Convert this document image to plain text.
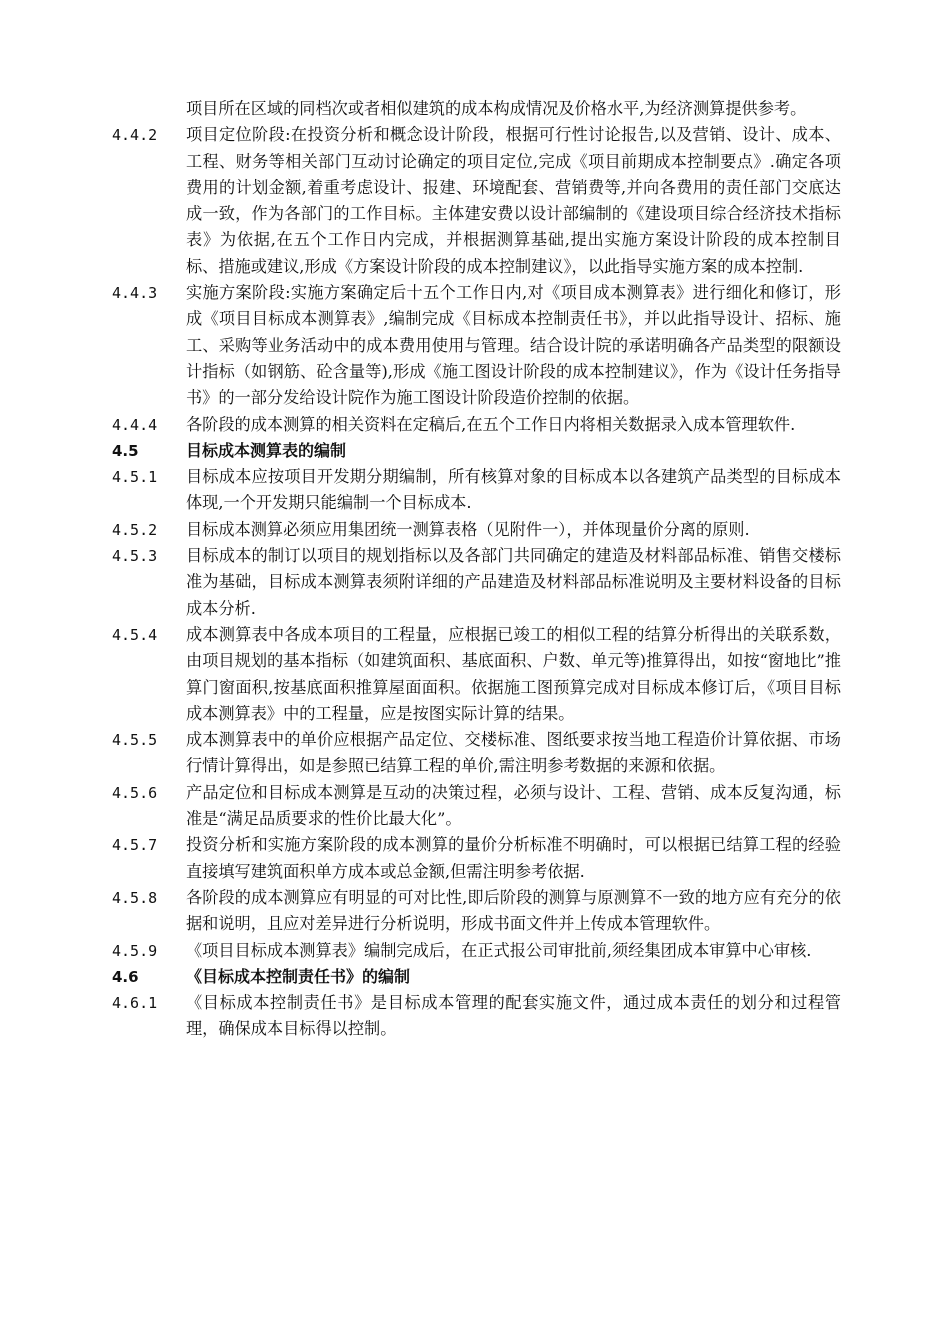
项目所在区域的同档次或者相似建筑的成本构成情况及价格水平,为经济测算提供参考。
4.4.2	项目定位阶段:在投资分析和概念设计阶段，根据可行性讨论报告,以及营销、设计、成本、工程、财务等相关部门互动讨论确定的项目定位,完成《项目前期成本控制要点》.确定各项费用的计划金额,着重考虑设计、报建、环境配套、营销费等,并向各费用的责任部门交底达成一致，作为各部门的工作目标。主体建安费以设计部编制的《建设项目综合经济技术指标表》为依据,在五个工作日内完成，并根据测算基础,提出实施方案设计阶段的成本控制目标、措施或建议,形成《方案设计阶段的成本控制建议》，以此指导实施方案的成本控制.
4.4.3	实施方案阶段:实施方案确定后十五个工作日内,对《项目成本测算表》进行细化和修订，形成《项目目标成本测算表》,编制完成《目标成本控制责任书》，并以此指导设计、招标、施工、采购等业务活动中的成本费用使用与管理。结合设计院的承诺明确各产品类型的限额设计指标（如钢筋、砼含量等),形成《施工图设计阶段的成本控制建议》，作为《设计任务指导书》的一部分发给设计院作为施工图设计阶段造价控制的依据。
4.4.4	各阶段的成本测算的相关资料在定稿后,在五个工作日内将相关数据录入成本管理软件.
4.5	目标成本测算表的编制
4.5.1	目标成本应按项目开发期分期编制，所有核算对象的目标成本以各建筑产品类型的目标成本体现,一个开发期只能编制一个目标成本.
4.5.2	目标成本测算必须应用集团统一测算表格（见附件一），并体现量价分离的原则.
4.5.3	目标成本的制订以项目的规划指标以及各部门共同确定的建造及材料部品标准、销售交楼标准为基础，目标成本测算表须附详细的产品建造及材料部品标准说明及主要材料设备的目标成本分析.
4.5.4	成本测算表中各成本项目的工程量，应根据已竣工的相似工程的结算分析得出的关联系数，由项目规划的基本指标（如建筑面积、基底面积、户数、单元等)推算得出，如按“窗地比”推算门窗面积,按基底面积推算屋面面积。依据施工图预算完成对目标成本修订后，《项目目标成本测算表》中的工程量，应是按图实际计算的结果。
4.5.5	成本测算表中的单价应根据产品定位、交楼标准、图纸要求按当地工程造价计算依据、市场行情计算得出，如是参照已结算工程的单价,需注明参考数据的来源和依据。
4.5.6	产品定位和目标成本测算是互动的决策过程，必须与设计、工程、营销、成本反复沟通，标准是“满足品质要求的性价比最大化”。
4.5.7	投资分析和实施方案阶段的成本测算的量价分析标准不明确时，可以根据已结算工程的经验直接填写建筑面积单方成本或总金额,但需注明参考依据.
4.5.8	各阶段的成本测算应有明显的可对比性,即后阶段的测算与原测算不一致的地方应有充分的依据和说明，且应对差异进行分析说明，形成书面文件并上传成本管理软件。
4.5.9	《项目目标成本测算表》编制完成后，在正式报公司审批前,须经集团成本审算中心审核.
4.6	《目标成本控制责任书》的编制
4.6.1	《目标成本控制责任书》是目标成本管理的配套实施文件，通过成本责任的划分和过程管理，确保成本目标得以控制。
